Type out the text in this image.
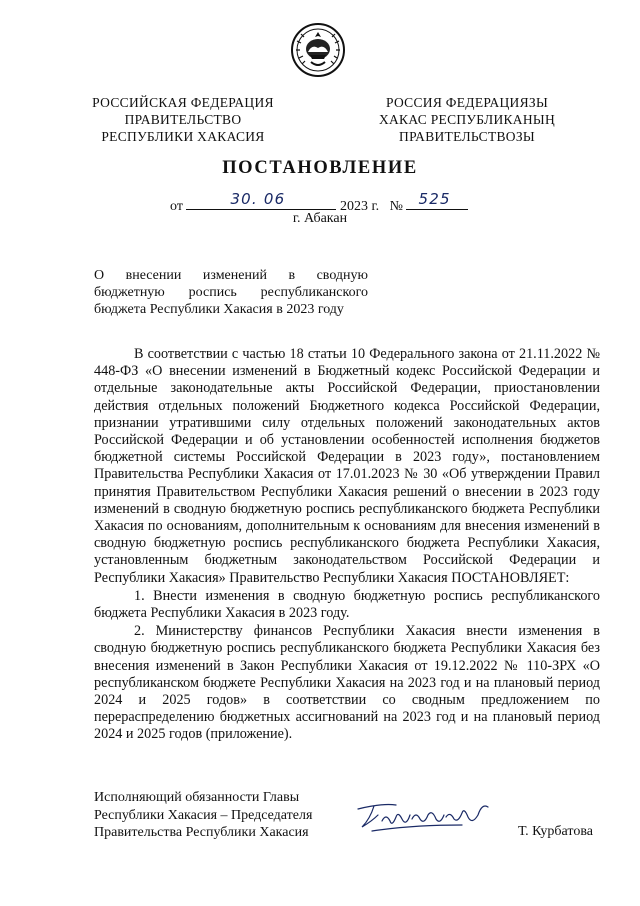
РОССИЙСКАЯ ФЕДЕРАЦИЯ
ПРАВИТЕЛЬСТВО
РЕСПУБЛИКИ ХАКАСИЯ
РОССИЯ ФЕДЕРАЦИЯЗЫ
ХАКАС РЕСПУБЛИКАНЫҢ
ПРАВИТЕЛЬСТВОЗЫ
ПОСТАНОВЛЕНИЕ
от	30. 06	2023 г. № 525
г. Абакан
О внесении изменений в сводную бюджетную роспись республиканского бюджета Республики Хакасия в 2023 году

В соответствии с частью 18 статьи 10 Федерального закона от 21.11.2022 № 448-ФЗ «О внесении изменений в Бюджетный кодекс Российской Федерации и отдельные законодательные акты Российской Федерации, приостановлении действия отдельных положений Бюджетного кодекса Российской Федерации, признании утратившими силу отдельных положений законодательных актов Российской Федерации и об установлении особенностей исполнения бюджетов бюджетной системы Российской Федерации в 2023 году», постановлением Правительства Республики Хакасия от 17.01.2023 № 30 «Об утверждении Правил принятия Правительством Республики Хакасия решений о внесении в 2023 году изменений в сводную бюджетную роспись республиканского бюджета Республики Хакасия по основаниям, дополнительным к основаниям для внесения изменений в сводную бюджетную роспись республиканского бюджета Республики Хакасия, установленным бюджетным законодательством Российской Федерации и Республики Хакасия» Правительство Республики Хакасия ПОСТАНОВЛЯЕТ:

1. Внести изменения в сводную бюджетную роспись республиканского бюджета Республики Хакасия в 2023 году.

2. Министерству финансов Республики Хакасия внести изменения в сводную бюджетную роспись республиканского бюджета Республики Хакасия без внесения изменений в Закон Республики Хакасия от 19.12.2022 № 110-ЗРХ «О республиканском бюджете Республики Хакасия на 2023 год и на плановый период 2024 и 2025 годов» в соответствии со сводным предложением по перераспределению бюджетных ассигнований на 2023 год и на плановый период 2024 и 2025 годов (приложение).

Исполняющий обязанности Главы
Республики Хакасия – Председателя
Правительства Республики Хакасия	Т. Курбатова
